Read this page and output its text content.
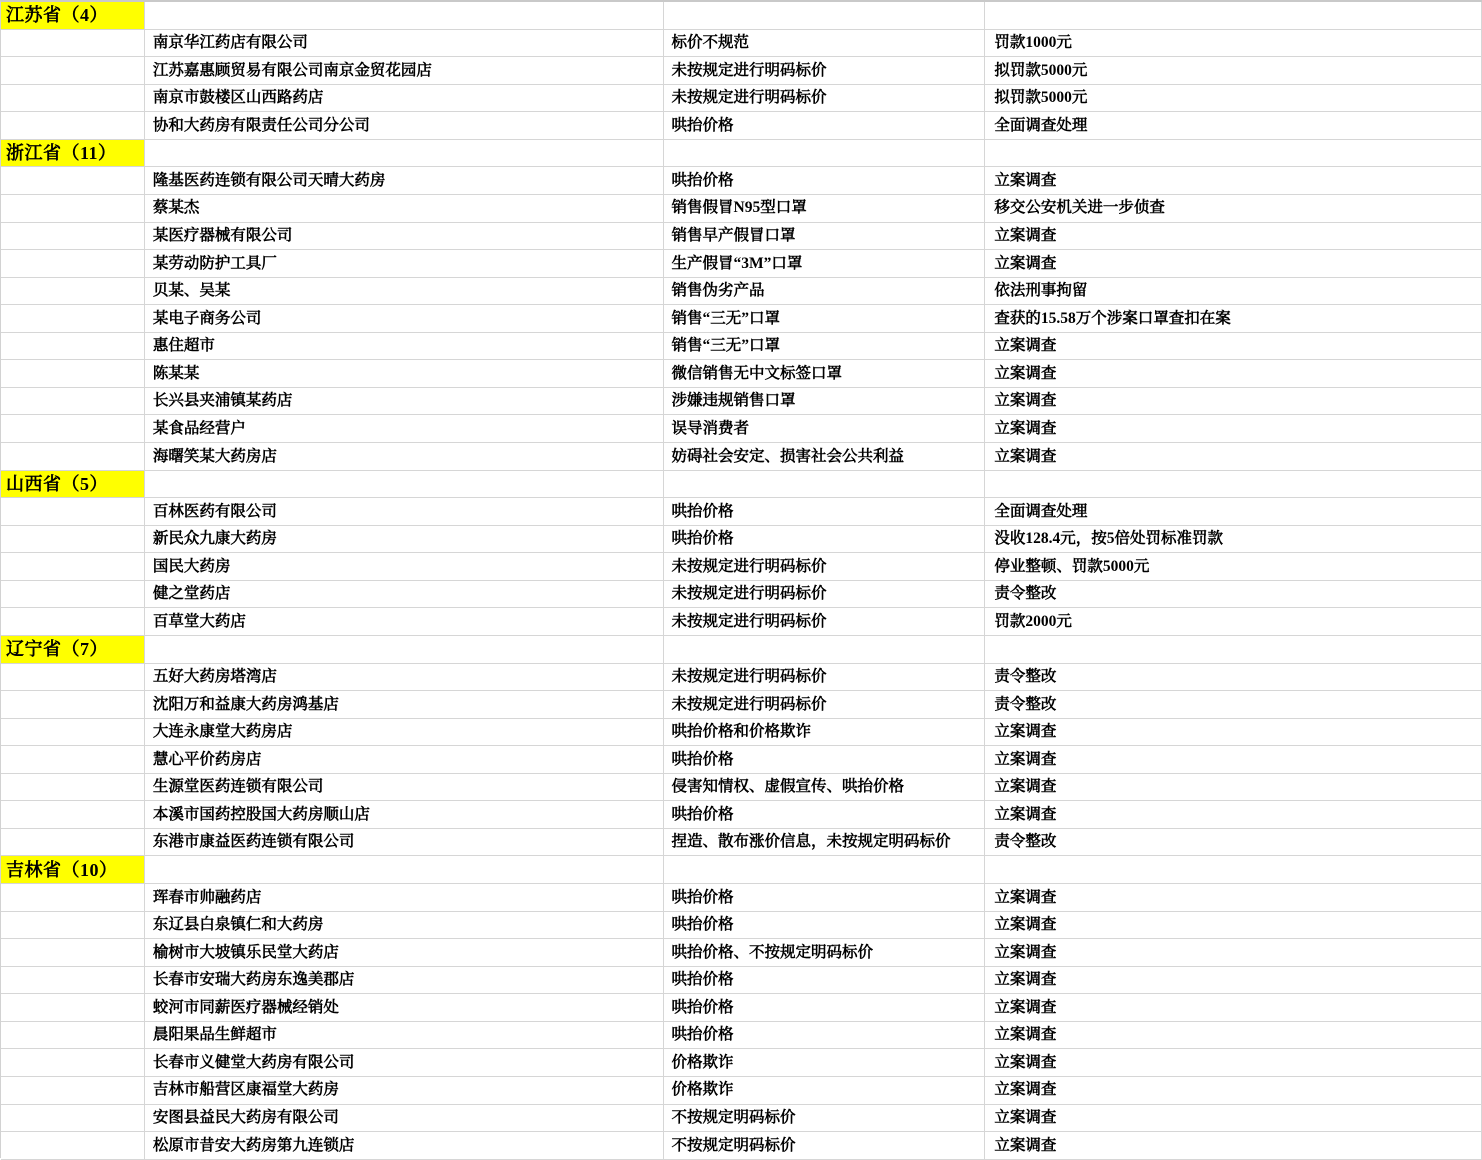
江苏省（4）
南京华江药店有限公司	标价不规范	罚款1000元
江苏嘉惠顾贸易有限公司南京金贸花园店	未按规定进行明码标价	拟罚款5000元
南京市鼓楼区山西路药店	未按规定进行明码标价	拟罚款5000元
协和大药房有限责任公司分公司	哄抬价格	全面调查处理
浙江省（11）
隆基医药连锁有限公司天晴大药房	哄抬价格	立案调查
蔡某杰	销售假冒N95型口罩	移交公安机关进一步侦查
某医疗器械有限公司	销售早产假冒口罩	立案调查
某劳动防护工具厂	生产假冒“3M”口罩	立案调查
贝某、吴某	销售伪劣产品	依法刑事拘留
某电子商务公司	销售“三无”口罩	查获的15.58万个涉案口罩查扣在案
惠住超市	销售“三无”口罩	立案调查
陈某某	微信销售无中文标签口罩	立案调查
长兴县夹浦镇某药店	涉嫌违规销售口罩	立案调查
某食品经营户	误导消费者	立案调查
海曙笑某大药房店	妨碍社会安定、损害社会公共利益	立案调查
山西省（5）
百林医药有限公司	哄抬价格	全面调查处理
新民众九康大药房	哄抬价格	没收128.4元，按5倍处罚标准罚款
国民大药房	未按规定进行明码标价	停业整顿、罚款5000元
健之堂药店	未按规定进行明码标价	责令整改
百草堂大药店	未按规定进行明码标价	罚款2000元
辽宁省（7）
五好大药房塔湾店	未按规定进行明码标价	责令整改
沈阳万和益康大药房鸿基店	未按规定进行明码标价	责令整改
大连永康堂大药房店	哄抬价格和价格欺诈	立案调查
慧心平价药房店	哄抬价格	立案调查
生源堂医药连锁有限公司	侵害知情权、虚假宣传、哄抬价格	立案调查
本溪市国药控股国大药房顺山店	哄抬价格	立案调查
东港市康益医药连锁有限公司	捏造、散布涨价信息，未按规定明码标价	责令整改
吉林省（10）
珲春市帅融药店	哄抬价格	立案调查
东辽县白泉镇仁和大药房	哄抬价格	立案调查
榆树市大坡镇乐民堂大药店	哄抬价格、不按规定明码标价	立案调查
长春市安瑞大药房东逸美郡店	哄抬价格	立案调查
蛟河市同薪医疗器械经销处	哄抬价格	立案调查
晨阳果品生鲜超市	哄抬价格	立案调查
长春市义健堂大药房有限公司	价格欺诈	立案调查
吉林市船营区康福堂大药房	价格欺诈	立案调查
安图县益民大药房有限公司	不按规定明码标价	立案调查
松原市昔安大药房第九连锁店	不按规定明码标价	立案调查
